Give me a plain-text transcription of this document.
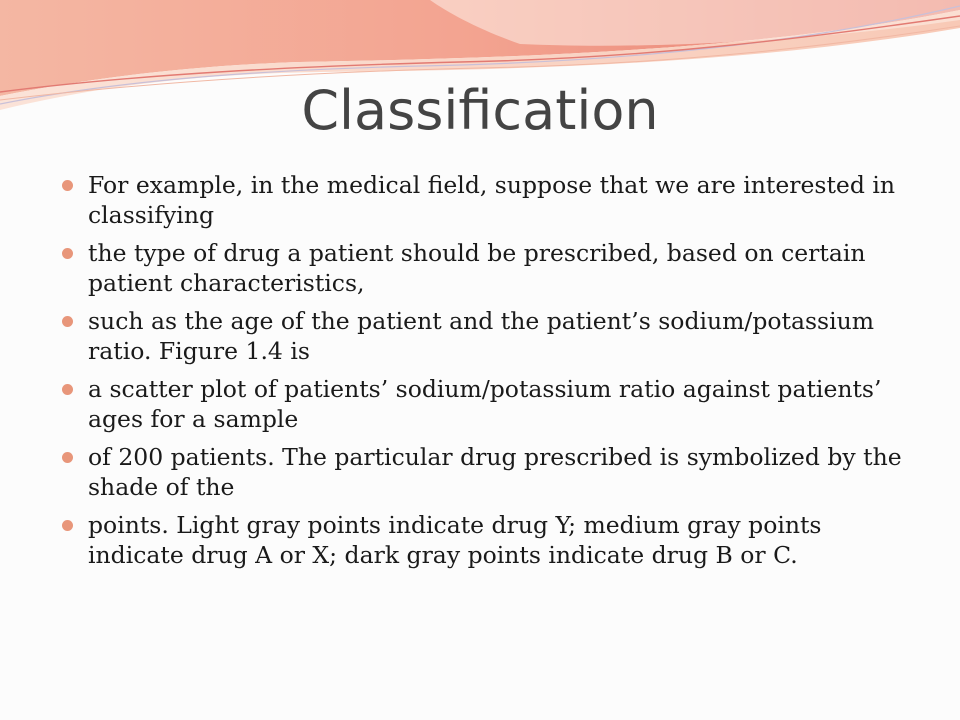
Classification
For example, in the medical field, suppose that we are interested in classifying
the type of drug a patient should be prescribed, based on certain patient characteristics,
such as the age of the patient and the patient’s sodium/potassium ratio. Figure 1.4 is
a scatter plot of patients’ sodium/potassium ratio against patients’ ages for a sample
of 200 patients. The particular drug prescribed is symbolized by the shade of the
points. Light gray points indicate drug Y; medium gray points indicate drug A or X; dark gray points indicate drug B or C.
